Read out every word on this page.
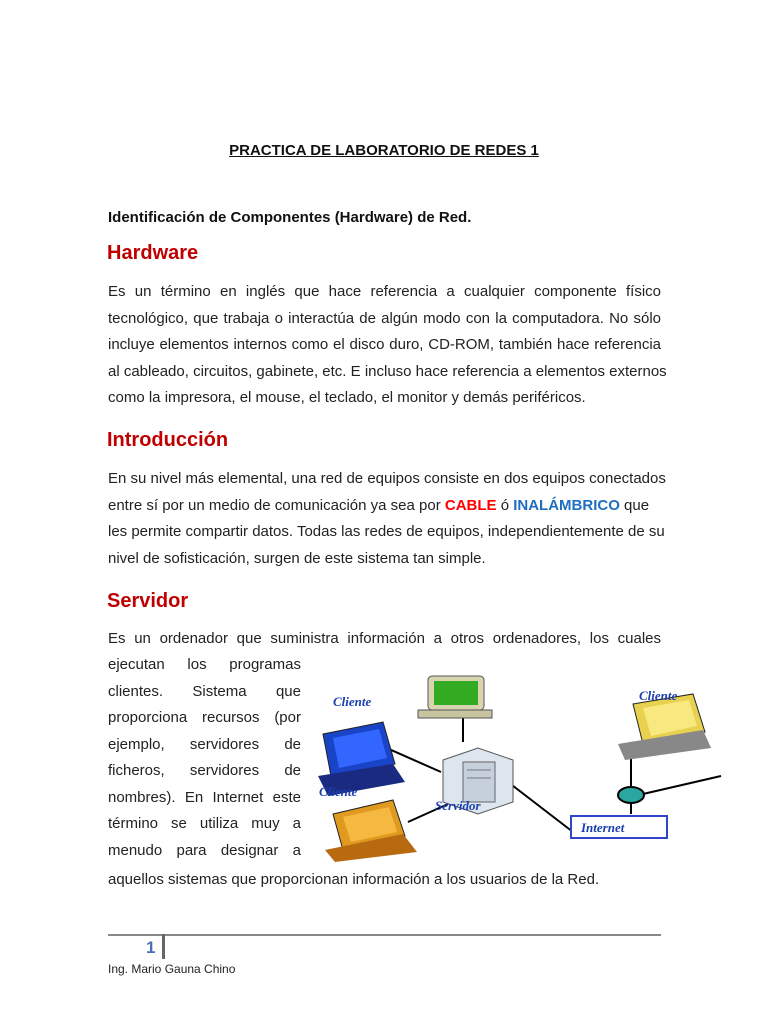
PRACTICA DE LABORATORIO DE REDES 1
Identificación de Componentes (Hardware) de Red.
Hardware
Es un término en inglés que hace referencia a cualquier componente físico
tecnológico, que trabaja o interactúa de algún modo con la computadora. No sólo
incluye elementos internos como el disco duro, CD-ROM, también hace referencia
al cableado, circuitos, gabinete, etc. E incluso hace referencia a elementos externos
como la impresora, el mouse, el teclado, el monitor y demás periféricos.
Introducción
En su nivel más elemental, una red de equipos consiste en dos equipos conectados
entre sí por un medio de comunicación ya sea por CABLE ó INALÁMBRICO que
les permite compartir datos. Todas las redes de equipos, independientemente de su
nivel de sofisticación, surgen de este sistema tan simple.
Servidor
Es un ordenador que suministra información a otros ordenadores, los cuales
ejecutan los programas
clientes. Sistema que
proporciona recursos (por
ejemplo, servidores de
ficheros, servidores de
nombres). En Internet este
término se utiliza muy a
menudo para designar a
aquellos sistemas que proporcionan información a los usuarios de la Red.
Cliente	Cliente
Cliente
Servidor
Internet
1
Ing. Mario Gauna Chino
